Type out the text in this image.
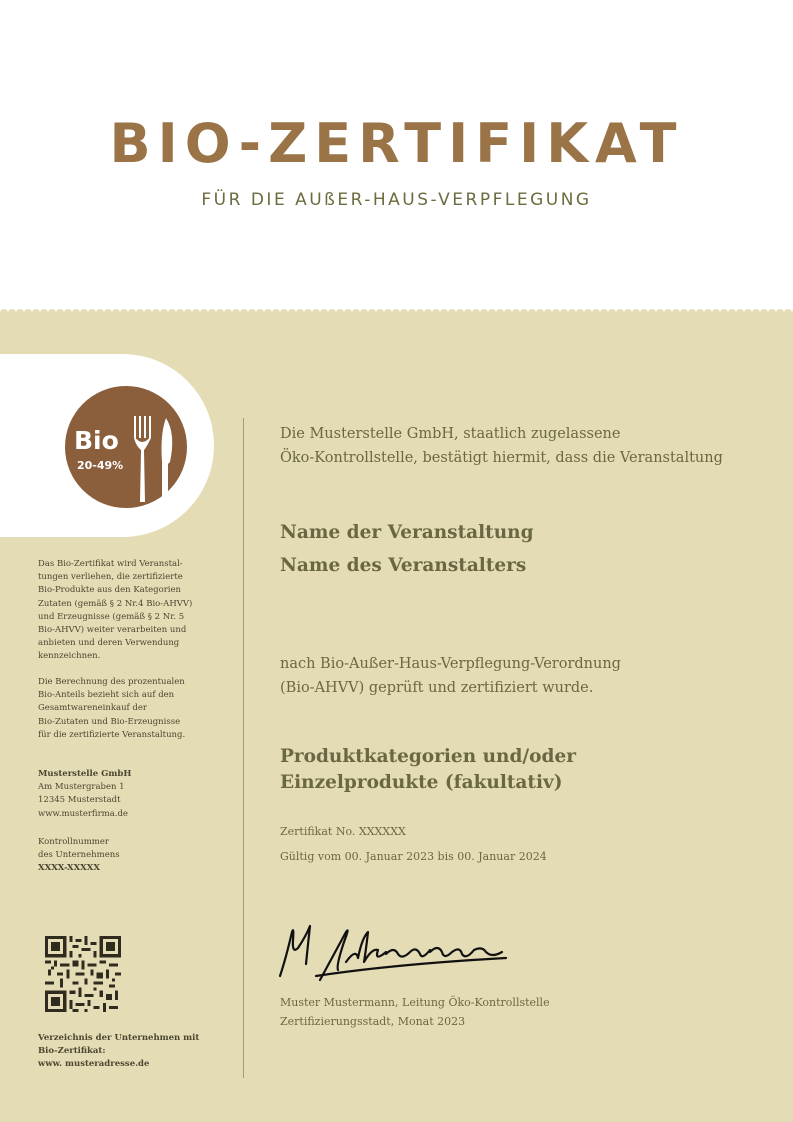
BIO-ZERTIFIKAT
FÜR DIE AUßER-HAUS-VERPFLEGUNG
Bio
20-49%

Das Bio-Zertifikat wird Veranstal-

tungen verliehen, die zertifizierte

Bio-Produkte aus den Kategorien

Zutaten (gemäß § 2 Nr.4 Bio-AHVV)

und Erzeugnisse (gemäß § 2 Nr. 5

Bio-AHVV) weiter verarbeiten und

anbieten und deren Verwendung

kennzeichnen.

Die Berechnung des prozentualen

Bio-Anteils bezieht sich auf den

Gesamtwareneinkauf der

Bio-Zutaten und Bio-Erzeugnisse

für die zertifizierte Veranstaltung.

Musterstelle GmbH

Am Mustergraben 1

12345 Musterstadt

www.musterfirma.de

Kontrollnummer

des Unternehmens

XXXX-XXXXX

Verzeichnis der Unternehmen mit

Bio-Zertifikat:

www. musteradresse.de

Die Musterstelle GmbH, staatlich zugelassene
Öko-Kontrollstelle, bestätigt hiermit, dass die Veranstaltung
Name der Veranstaltung
Name des Veranstalters
nach Bio-Außer-Haus-Verpflegung-Verordnung
(Bio-AHVV) geprüft und zertifiziert wurde.
Produktkategorien und/oder
Einzelprodukte (fakultativ)
Zertifikat No. XXXXXX
Gültig vom 00. Januar 2023 bis 00. Januar 2024
Muster Mustermann, Leitung Öko-Kontrollstelle
Zertifizierungsstadt, Monat 2023
